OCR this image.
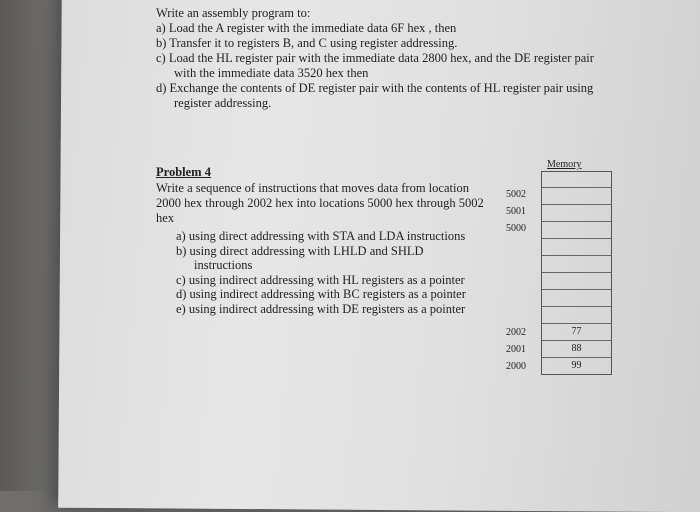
Write an assembly program to:
a) Load the A register with the immediate data 6F hex , then
b) Transfer it to registers B, and C using register addressing.
c) Load the HL register pair with the immediate data 2800 hex, and the DE register pair
with the immediate data 3520 hex then
d) Exchange the contents of DE register pair with the contents of HL register pair using
register addressing.
Problem 4
Write a sequence of instructions that moves data from location 2000 hex through 2002 hex into locations 5000 hex through 5002 hex
a) using direct addressing with STA and LDA instructions
b) using direct addressing with LHLD and SHLD
instructions
c) using indirect addressing with HL registers as a pointer
d) using indirect addressing with BC registers as a pointer
e) using indirect addressing with DE registers as a pointer
Memory
5002
5001
5000
2002
2001
2000
77
88
99
